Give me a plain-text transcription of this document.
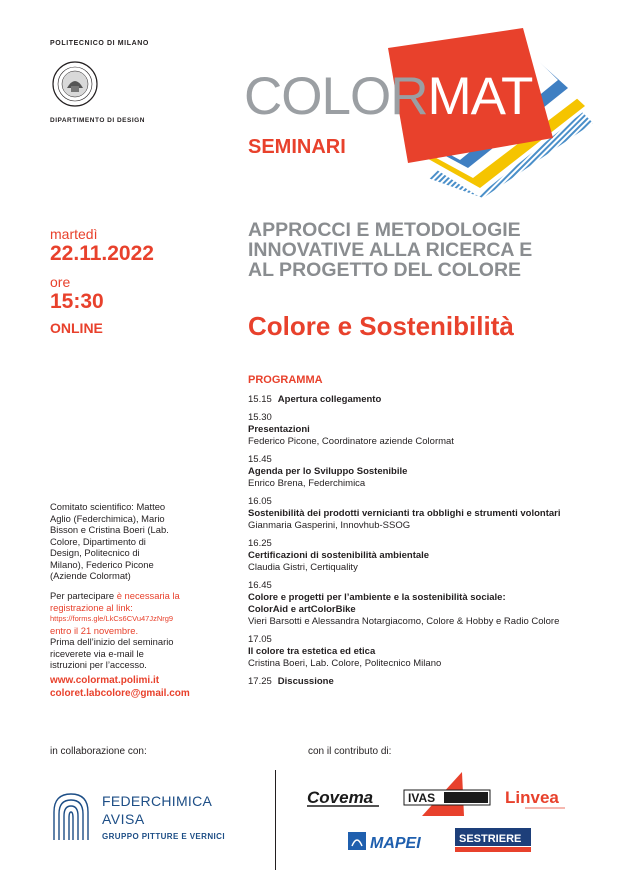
POLITECNICO DI MILANO
DIPARTIMENTO DI DESIGN COLORMAT
SEMINARI
martedì
22.11.2022
ore
15:30
ONLINE
APPROCCI E METODOLOGIE
INNOVATIVE ALLA RICERCA E
AL PROGETTO DEL COLORE
Colore e Sostenibilità
PROGRAMMA
15.15 Apertura collegamento
15.30
Presentazioni
Federico Picone, Coordinatore aziende Colormat
15.45
Agenda per lo Sviluppo Sostenibile
Enrico Brena, Federchimica
16.05
Sostenibilità dei prodotti vernicianti tra obblighi e strumenti volontari
Gianmaria Gasperini, Innovhub-SSOG
16.25
Certificazioni di sostenibilità ambientale
Claudia Gistri, Certiquality
16.45
Colore e progetti per l’ambiente e la sostenibilità sociale:
ColorAid e artColorBike
Vieri Barsotti e Alessandra Notargiacomo, Colore & Hobby e Radio Colore
17.05
Il colore tra estetica ed etica
Cristina Boeri, Lab. Colore, Politecnico Milano
17.25 Discussione
Comitato scientifico: Matteo
Aglio (Federchimica), Mario
Bisson e Cristina Boeri (Lab.
Colore, Dipartimento di
Design, Politecnico di
Milano), Federico Picone
(Aziende Colormat)
Per partecipare è necessaria la
registrazione al link:
https://forms.gle/LkCs6CVu47JzNrg9
entro il 21 novembre.
Prima dell’inizio del seminario
riceverete via e-mail le
istruzioni per l’accesso.
www.colormat.polimi.it
coloret.labcolore@gmail.com
in collaborazione con:	con il contributo di:
FEDERCHIMICA
AVISA
GRUPPO PITTURE E VERNICI
Covema	IVAS	Linvea
MAPEI	SESTRIERE
